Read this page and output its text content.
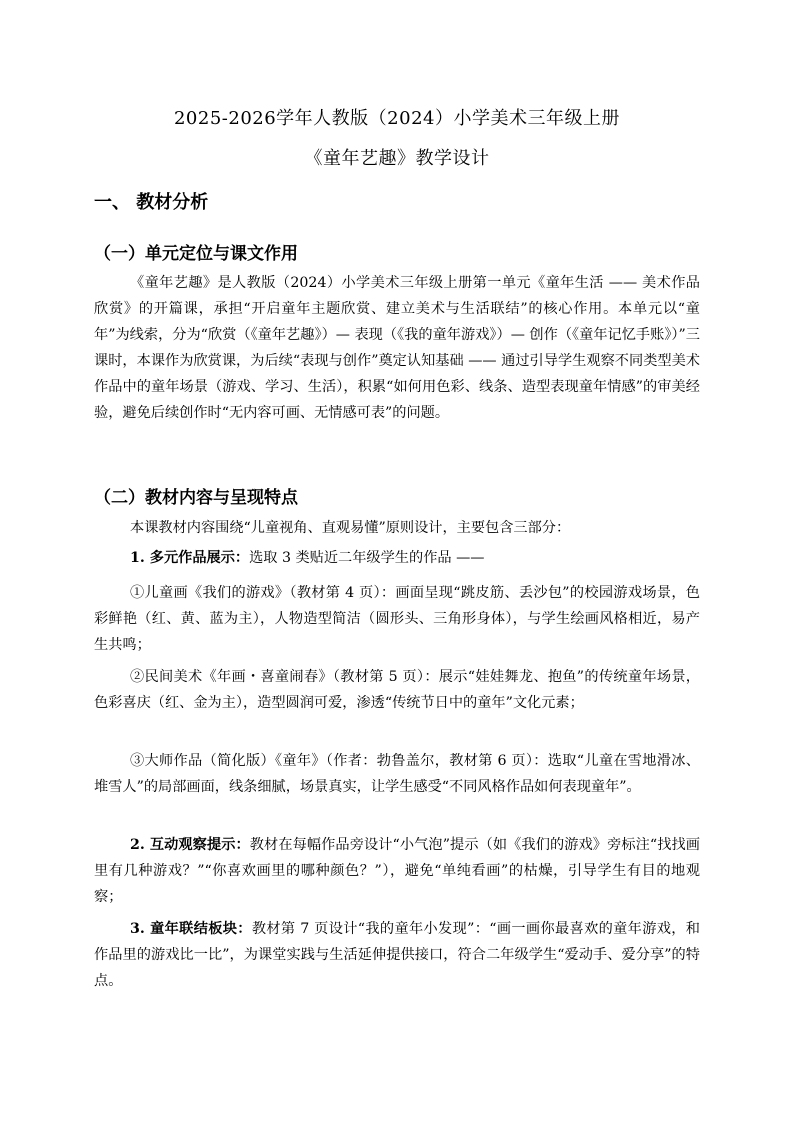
2025-2026学年人教版（2024）小学美术三年级上册
《童年艺趣》教学设计
一、 教材分析
（一）单元定位与课文作用
《童年艺趣》是人教版（2024）小学美术三年级上册第一单元《童年生活 —— 美术作品欣赏》的开篇课，承担“开启童年主题欣赏、建立美术与生活联结”的核心作用。本单元以“童年”为线索，分为“欣赏（《童年艺趣》）— 表现（《我的童年游戏》）— 创作（《童年记忆手账》）”三课时，本课作为欣赏课，为后续“表现与创作”奠定认知基础 —— 通过引导学生观察不同类型美术作品中的童年场景（游戏、学习、生活），积累“如何用色彩、线条、造型表现童年情感”的审美经验，避免后续创作时“无内容可画、无情感可表”的问题。
（二）教材内容与呈现特点
本课教材内容围绕“儿童视角、直观易懂”原则设计，主要包含三部分：
1. 多元作品展示：选取 3 类贴近二年级学生的作品 ——
①儿童画《我们的游戏》（教材第 4 页）：画面呈现“跳皮筋、丢沙包”的校园游戏场景，色彩鲜艳（红、黄、蓝为主），人物造型简洁（圆形头、三角形身体），与学生绘画风格相近，易产生共鸣；
②民间美术《年画・喜童闹春》（教材第 5 页）：展示“娃娃舞龙、抱鱼”的传统童年场景，色彩喜庆（红、金为主），造型圆润可爱，渗透“传统节日中的童年”文化元素；
③大师作品（简化版）《童年》（作者：勃鲁盖尔，教材第 6 页）：选取“儿童在雪地滑冰、堆雪人”的局部画面，线条细腻，场景真实，让学生感受“不同风格作品如何表现童年”。
2. 互动观察提示：教材在每幅作品旁设计“小气泡”提示（如《我们的游戏》旁标注“找找画里有几种游戏？”“你喜欢画里的哪种颜色？”），避免“单纯看画”的枯燥，引导学生有目的地观察；
3. 童年联结板块：教材第 7 页设计“我的童年小发现”：“画一画你最喜欢的童年游戏，和作品里的游戏比一比”，为课堂实践与生活延伸提供接口，符合二年级学生“爱动手、爱分享”的特点。
